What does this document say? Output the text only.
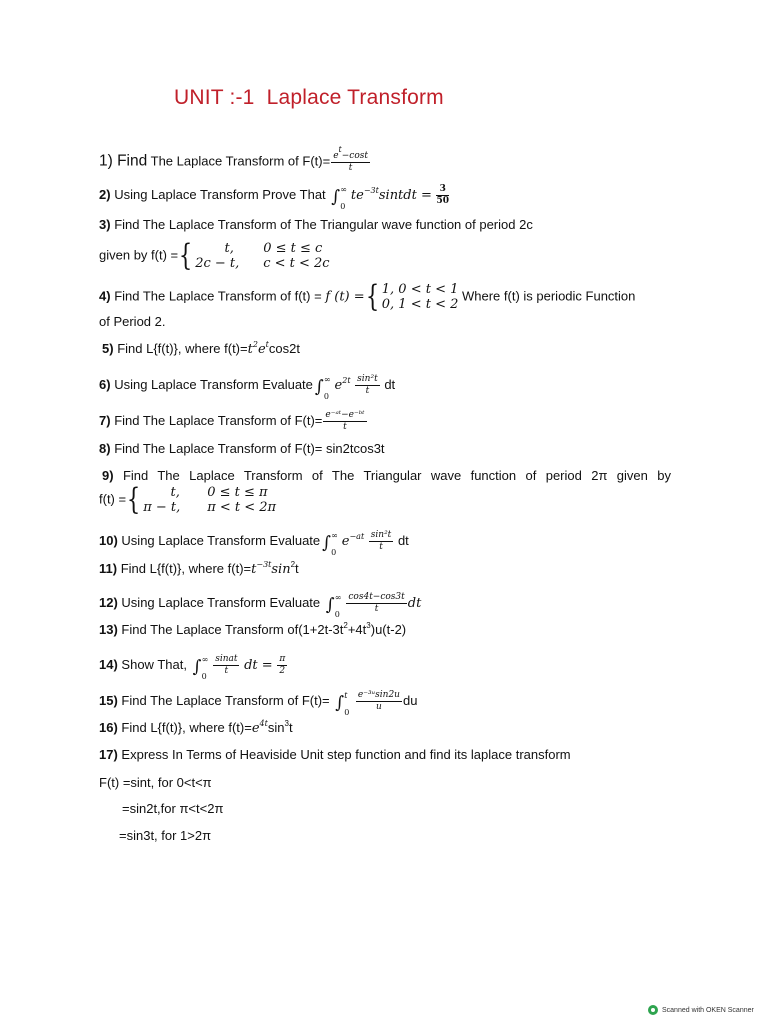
UNIT :-1 Laplace Transform
1) Find The Laplace Transform of $F(t)= \frac{e^t-\cos t}{t}$
2) Using Laplace Transform Prove That ∫ ∞
0
$te^{-3t}sintdt = \frac{3}{50}$
3) Find The Laplace Transform of The Triangular wave function of period 2c
given by f(t) ={	t, 0 ≤ t ≤ c
2c − t, c < t < 2c
4) Find The Laplace Transform of f(t) = f (t) ={ 1, 0 < t < 1
0, 1 < t < 2
Where f(t) is periodic Function
of Period 2.
5) Find L{f(t)}, where $f(t)=t^2e^t\cos 2t$
6) Using Laplace Transform Evaluate ∫ ∞
0
$e^{2t} \frac{\text{sin²t}}{t}$ dt
7) Find The Laplace Transform of $F(t)= \frac{\text{e⁻ᵃᵗ−e⁻ᵇᵗ}}{t}$
8) Find The Laplace Transform of F(t)= sin2tcos3t
9) Find The Laplace Transform of The Triangular wave function of period 2π given by
f(t) ={	t, 0 ≤ t ≤ π
π − t, π < t < 2π
10) Using Laplace Transform Evaluate ∫ ∞
0
$e^{-at} \frac{\text{sin²t}}{t}$ dt
11) Find L{f(t)}, where $f(t)=t^{-3t}\sin^2t$
12) Using Laplace Transform Evaluate ∫ ∞
0
$\frac{\cos 4t-\cos 3t}{t}$ dt
13) Find The Laplace Transform $of(1+2t-3t^2+4t^3)u(t-2)$
14) Show That, ∫ ∞
0
$\frac{\text{sinat}}{t}$ dt = $\frac{\pi}{2}$
15) Find The Laplace Transform of F(t)= ∫ t
0
$\frac{\text{e⁻³ᵘsin2u}}{u}$ du
16) Find L{f(t)}, where $f(t)=e^{4t}\sin^3t$
17) Express In Terms of Heaviside Unit step function and find its laplace transform
F(t) =sint, for 0<t<π
=sin2t,for π<t<2π
=sin3t, for 1>2π
Scanned with OKEN Scanner
